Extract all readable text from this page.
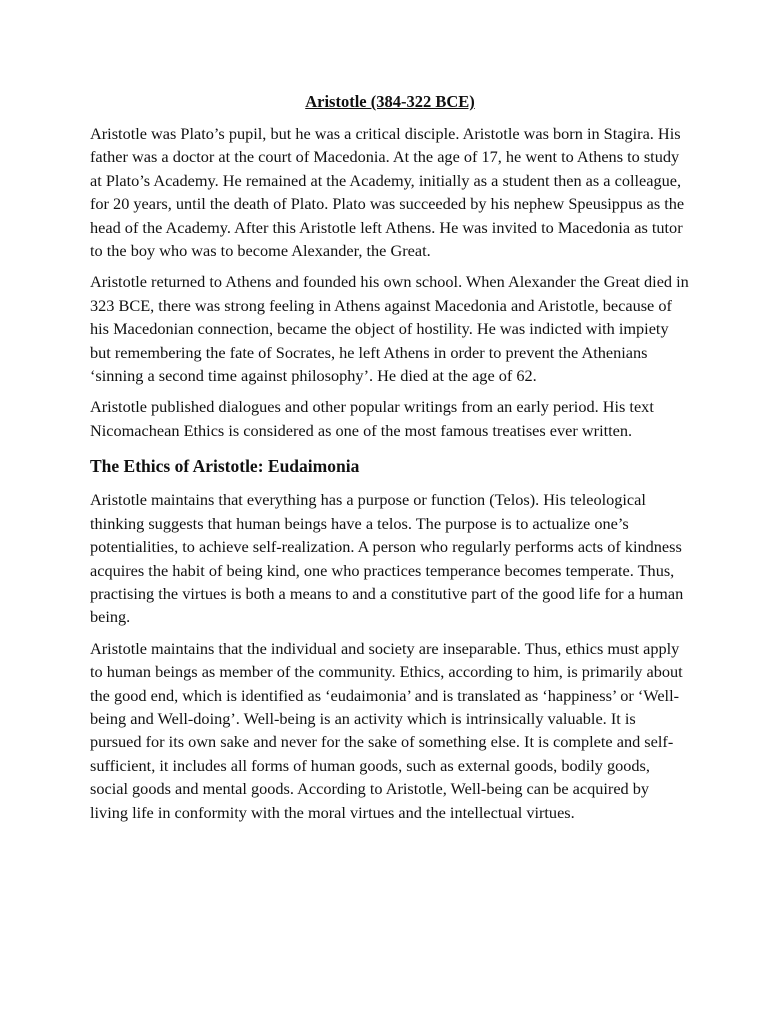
Aristotle (384-322 BCE)

Aristotle was Plato’s pupil, but he was a critical disciple. Aristotle was born in Stagira. His father was a doctor at the court of Macedonia. At the age of 17, he went to Athens to study at Plato’s Academy. He remained at the Academy, initially as a student then as a colleague, for 20 years, until the death of Plato. Plato was succeeded by his nephew Speusippus as the head of the Academy. After this Aristotle left Athens. He was invited to Macedonia as tutor to the boy who was to become Alexander, the Great.

Aristotle returned to Athens and founded his own school. When Alexander the Great died in 323 BCE, there was strong feeling in Athens against Macedonia and Aristotle, because of his Macedonian connection, became the object of hostility. He was indicted with impiety but remembering the fate of Socrates, he left Athens in order to prevent the Athenians ‘sinning a second time against philosophy’. He died at the age of 62.

Aristotle published dialogues and other popular writings from an early period. His text Nicomachean Ethics is considered as one of the most famous treatises ever written.

The Ethics of Aristotle: Eudaimonia

Aristotle maintains that everything has a purpose or function (Telos). His teleological thinking suggests that human beings have a telos. The purpose is to actualize one’s potentialities, to achieve self-realization. A person who regularly performs acts of kindness acquires the habit of being kind, one who practices temperance becomes temperate. Thus, practising the virtues is both a means to and a constitutive part of the good life for a human being.

Aristotle maintains that the individual and society are inseparable. Thus, ethics must apply to human beings as member of the community. Ethics, according to him, is primarily about the good end, which is identified as ‘eudaimonia’ and is translated as ‘happiness’ or ‘Well-being and Well-doing’. Well-being is an activity which is intrinsically valuable. It is pursued for its own sake and never for the sake of something else. It is complete and self-sufficient, it includes all forms of human goods, such as external goods, bodily goods, social goods and mental goods. According to Aristotle, Well-being can be acquired by living life in conformity with the moral virtues and the intellectual virtues.
